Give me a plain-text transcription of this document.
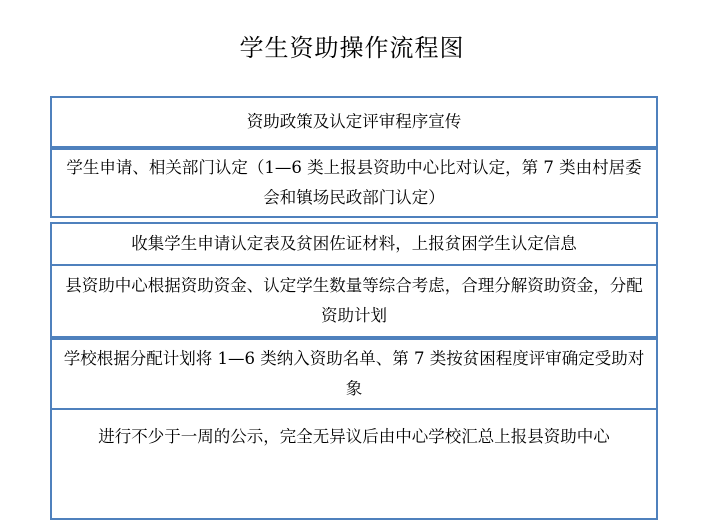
学生资助操作流程图
资助政策及认定评审程序宣传
学生申请、相关部门认定（1—6 类上报县资助中心比对认定，第 7 类由村居委会和镇场民政部门认定）
收集学生申请认定表及贫困佐证材料，上报贫困学生认定信息
县资助中心根据资助资金、认定学生数量等综合考虑，合理分解资助资金，分配资助计划
学校根据分配计划将 1—6 类纳入资助名单、第 7 类按贫困程度评审确定受助对象
进行不少于一周的公示，完全无异议后由中心学校汇总上报县资助中心
